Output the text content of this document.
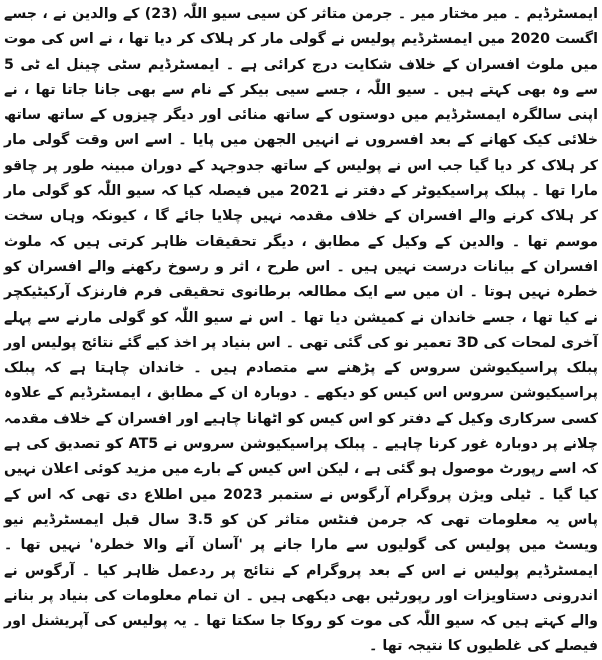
ایمسٹرڈیم ۔ میر مختار میر ۔ جرمن متاثر کن سیی سیو اللّٰہ (23) کے والدین نے ، جسے اگست 2020 میں ایمسٹرڈیم پولیس نے گولی مار کر ہلاک کر دیا تھا ، نے اس کی موت میں ملوث افسران کے خلاف شکایت درج کرائی ہے ۔ ایمسٹرڈیم سٹی چینل اے ٹی 5 سے وہ بھی کہتے ہیں ۔ سیو اللّٰہ ، جسے سیی بیکر کے نام سے بھی جانا جاتا تھا ، نے اپنی سالگرہ ایمسٹرڈیم میں دوستوں کے ساتھ منائی اور دیگر چیزوں کے ساتھ ساتھ خلائی کیک کھانے کے بعد افسروں نے انہیں الجھن میں پایا ۔ اسے اس وقت گولی مار کر ہلاک کر دیا گیا جب اس نے پولیس کے ساتھ جدوجہد کے دوران مبینہ طور پر چاقو مارا تھا ۔ پبلک پراسیکیوٹر کے دفتر نے 2021 میں فیصلہ کیا کہ سیو اللّٰہ کو گولی مار کر ہلاک کرنے والے افسران کے خلاف مقدمہ نہیں چلایا جائے گا ، کیونکہ وہاں سخت موسم تھا ۔ والدین کے وکیل کے مطابق ، دیگر تحقیقات ظاہر کرتی ہیں کہ ملوث افسران کے بیانات درست نہیں ہیں ۔ اس طرح ، اثر و رسوخ رکھنے والے افسران کو خطرہ نہیں ہوتا ۔ ان میں سے ایک مطالعہ برطانوی تحقیقی فرم فارنزک آرکیٹیکچر نے کیا تھا ، جسے خاندان نے کمیشن دیا تھا ۔ اس نے سیو اللّٰہ کو گولی مارنے سے پہلے آخری لمحات کی 3D تعمیر نو کی گئی تھی ۔ اس بنیاد پر اخذ کیے گئے نتائج پولیس اور پبلک پراسیکیوشن سروس کے پڑھنے سے متصادم ہیں ۔ خاندان چاہتا ہے کہ پبلک پراسیکیوشن سروس اس کیس کو دیکھے ۔ دوبارہ ان کے مطابق ، ایمسٹرڈیم کے علاوہ کسی سرکاری وکیل کے دفتر کو اس کیس کو اٹھانا چاہیے اور افسران کے خلاف مقدمہ چلانے پر دوبارہ غور کرنا چاہیے ۔ پبلک پراسیکیوشن سروس نے AT5 کو تصدیق کی ہے کہ اسے رپورٹ موصول ہو گئی ہے ، لیکن اس کیس کے بارے میں مزید کوئی اعلان نہیں کیا گیا ۔ ٹیلی ویژن پروگرام آرگوس نے ستمبر 2023 میں اطلاع دی تھی کہ اس کے پاس یہ معلومات تھی کہ جرمن فنٹس متاثر کن کو 3.5 سال قبل ایمسٹرڈیم نیو ویسٹ میں پولیس کی گولیوں سے مارا جانے پر 'آسان آنے والا خطرہ' نہیں تھا ۔ ایمسٹرڈیم پولیس نے اس کے بعد پروگرام کے نتائج پر ردعمل ظاہر کیا ۔ آرگوس نے اندرونی دستاویزات اور رپورٹیں بھی دیکھی ہیں ۔ ان تمام معلومات کی بنیاد پر بنانے والے کہتے ہیں کہ سیو اللّٰہ کی موت کو روکا جا سکتا تھا ۔ یہ پولیس کی آپریشنل اور فیصلے کی غلطیوں کا نتیجہ تھا ۔
